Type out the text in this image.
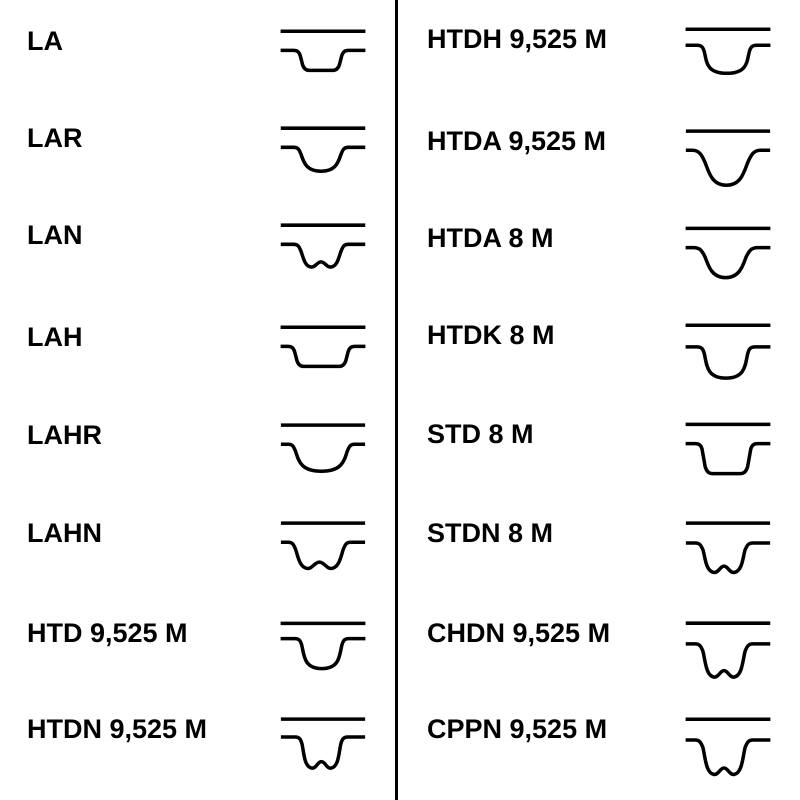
LA
LAR
LAN
LAH
LAHR
LAHN
HTD 9,525 M
HTDN 9,525 M
HTDH 9,525 M
HTDA 9,525 M
HTDA 8 M
HTDK 8 M
STD 8 M
STDN 8 M
CHDN 9,525 M
CPPN 9,525 M
